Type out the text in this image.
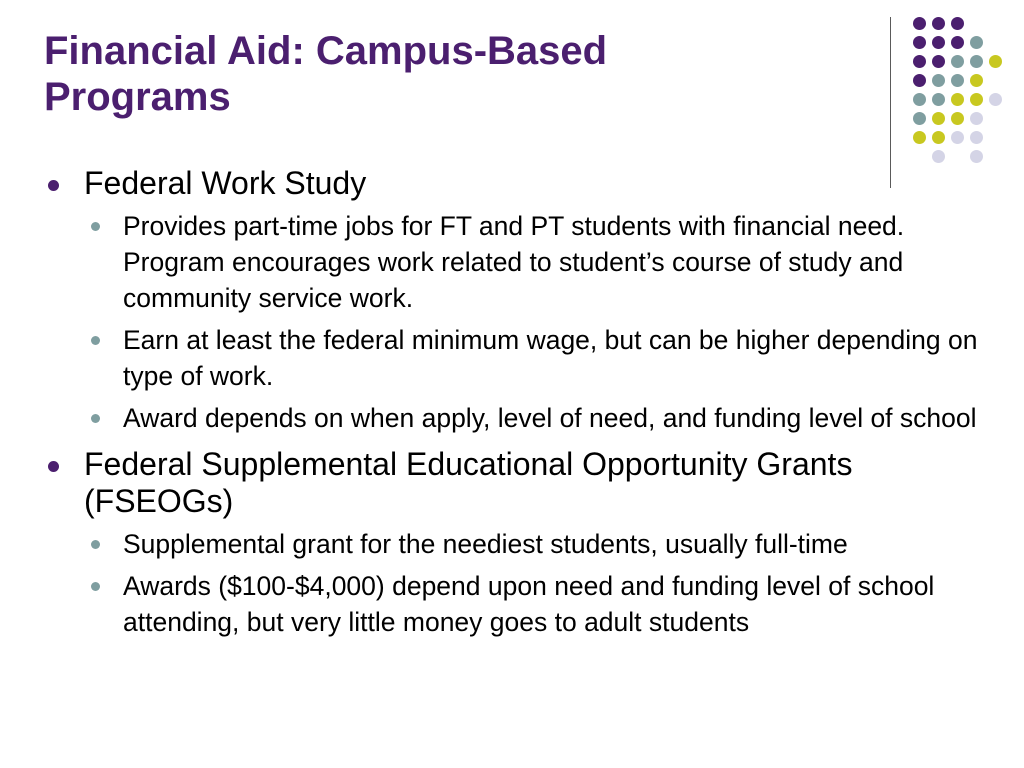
Financial Aid: Campus-Based
Programs
Federal Work Study
Provides part-time jobs for FT and PT students with financial need. Program encourages work related to student’s course of study and community service work.
Earn at least the federal minimum wage, but can be higher depending on type of work.
Award depends on when apply, level of need, and funding level of school
Federal Supplemental Educational Opportunity Grants (FSEOGs)
Supplemental grant for the neediest students, usually full-time
Awards ($100-$4,000) depend upon need and funding level of school attending, but very little money goes to adult students
